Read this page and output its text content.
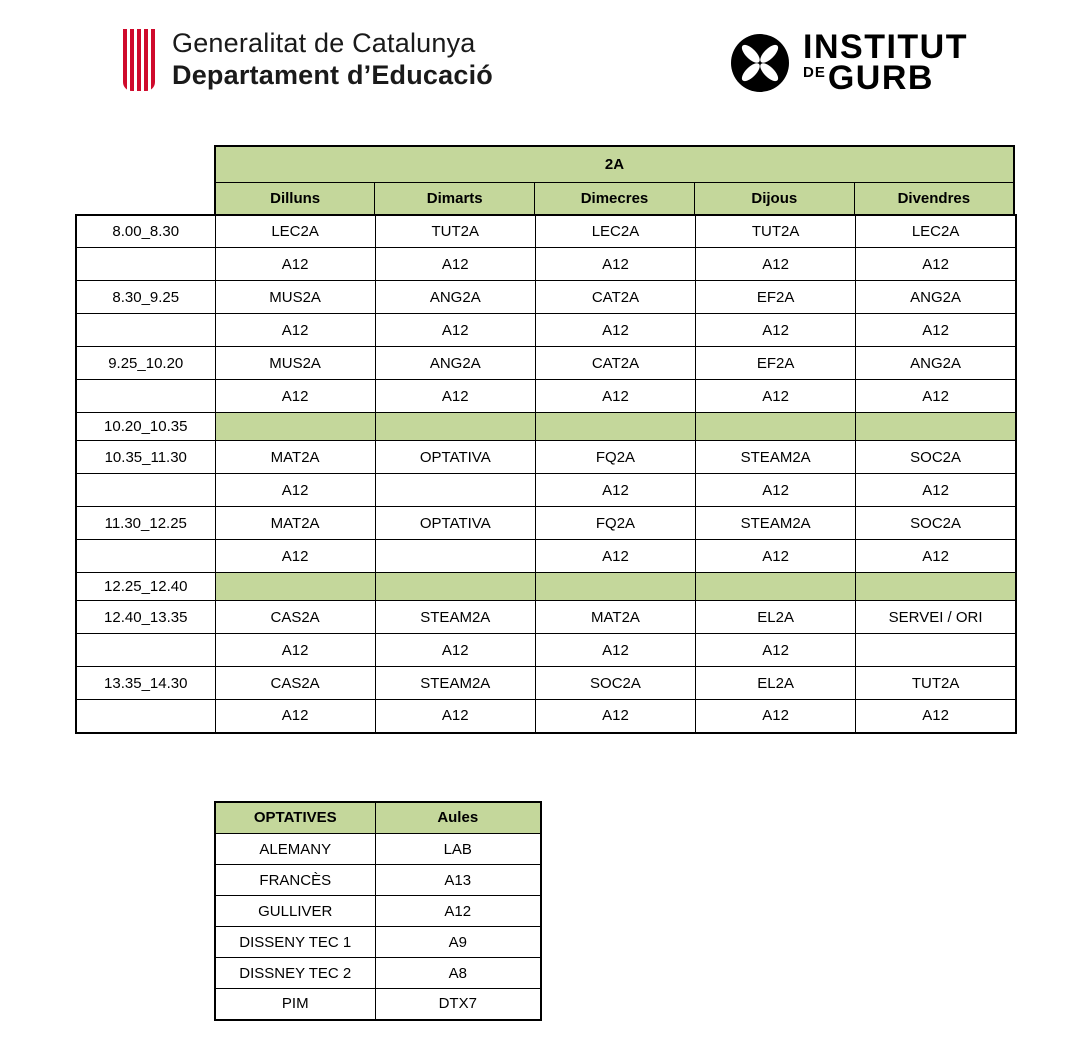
Generalitat de Catalunya
Departament d’Educació
INSTITUT
DE GURB
2A
Dilluns	Dimarts	Dimecres	Dijous	Divendres
8.00_8.30	LEC2A	TUT2A	LEC2A	TUT2A	LEC2A
	A12	A12	A12	A12	A12
8.30_9.25	MUS2A	ANG2A	CAT2A	EF2A	ANG2A
	A12	A12	A12	A12	A12
9.25_10.20	MUS2A	ANG2A	CAT2A	EF2A	ANG2A
	A12	A12	A12	A12	A12
10.20_10.35					
10.35_11.30	MAT2A	OPTATIVA	FQ2A	STEAM2A	SOC2A
	A12		A12	A12	A12
11.30_12.25	MAT2A	OPTATIVA	FQ2A	STEAM2A	SOC2A
	A12		A12	A12	A12
12.25_12.40					
12.40_13.35	CAS2A	STEAM2A	MAT2A	EL2A	SERVEI / ORI
	A12	A12	A12	A12	
13.35_14.30	CAS2A	STEAM2A	SOC2A	EL2A	TUT2A
	A12	A12	A12	A12	A12
OPTATIVES	Aules
ALEMANY	LAB
FRANCÈS	A13
GULLIVER	A12
DISSENY TEC 1	A9
DISSNEY TEC 2	A8
PIM	DTX7
